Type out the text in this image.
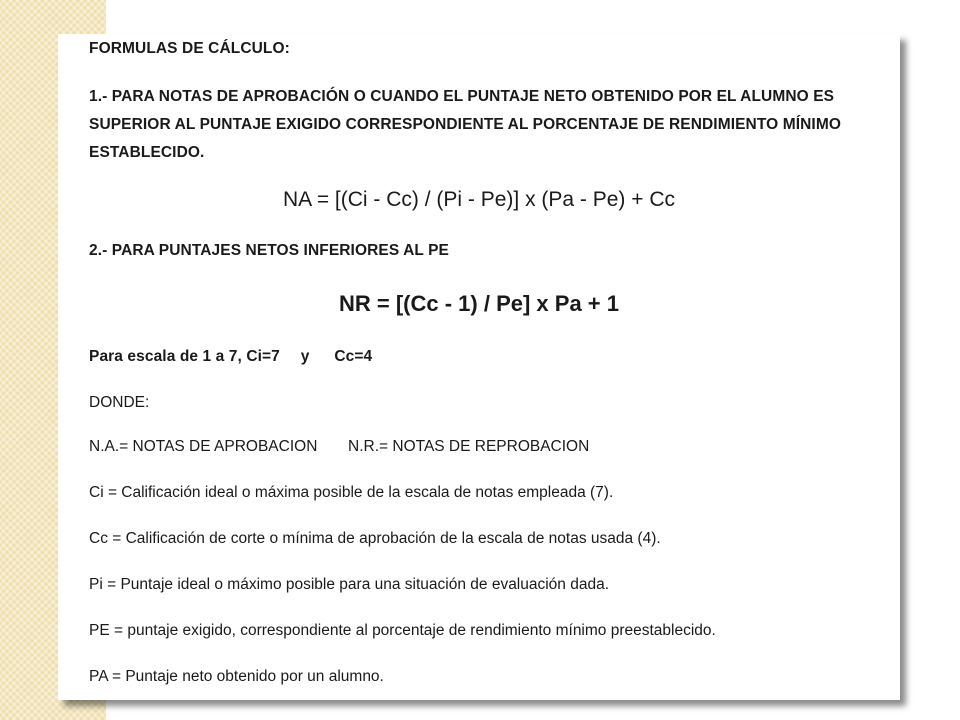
FORMULAS DE CÁLCULO:
1.- PARA NOTAS DE APROBACIÓN O CUANDO EL PUNTAJE NETO OBTENIDO POR EL ALUMNO ES
SUPERIOR AL PUNTAJE EXIGIDO CORRESPONDIENTE AL PORCENTAJE DE RENDIMIENTO MÍNIMO
ESTABLECIDO.
NA = [(Ci - Cc) / (Pi - Pe)] x (Pa - Pe) + Cc
2.- PARA PUNTAJES NETOS INFERIORES AL PE
NR = [(Cc - 1) / Pe] x Pa + 1
Para escala de 1 a 7, Ci=7 y Cc=4
DONDE:
N.A.= NOTAS DE APROBACION N.R.= NOTAS DE REPROBACION
Ci = Calificación ideal o máxima posible de la escala de notas empleada (7).
Cc = Calificación de corte o mínima de aprobación de la escala de notas usada (4).
Pi = Puntaje ideal o máximo posible para una situación de evaluación dada.
PE = puntaje exigido, correspondiente al porcentaje de rendimiento mínimo preestablecido.
PA = Puntaje neto obtenido por un alumno.
